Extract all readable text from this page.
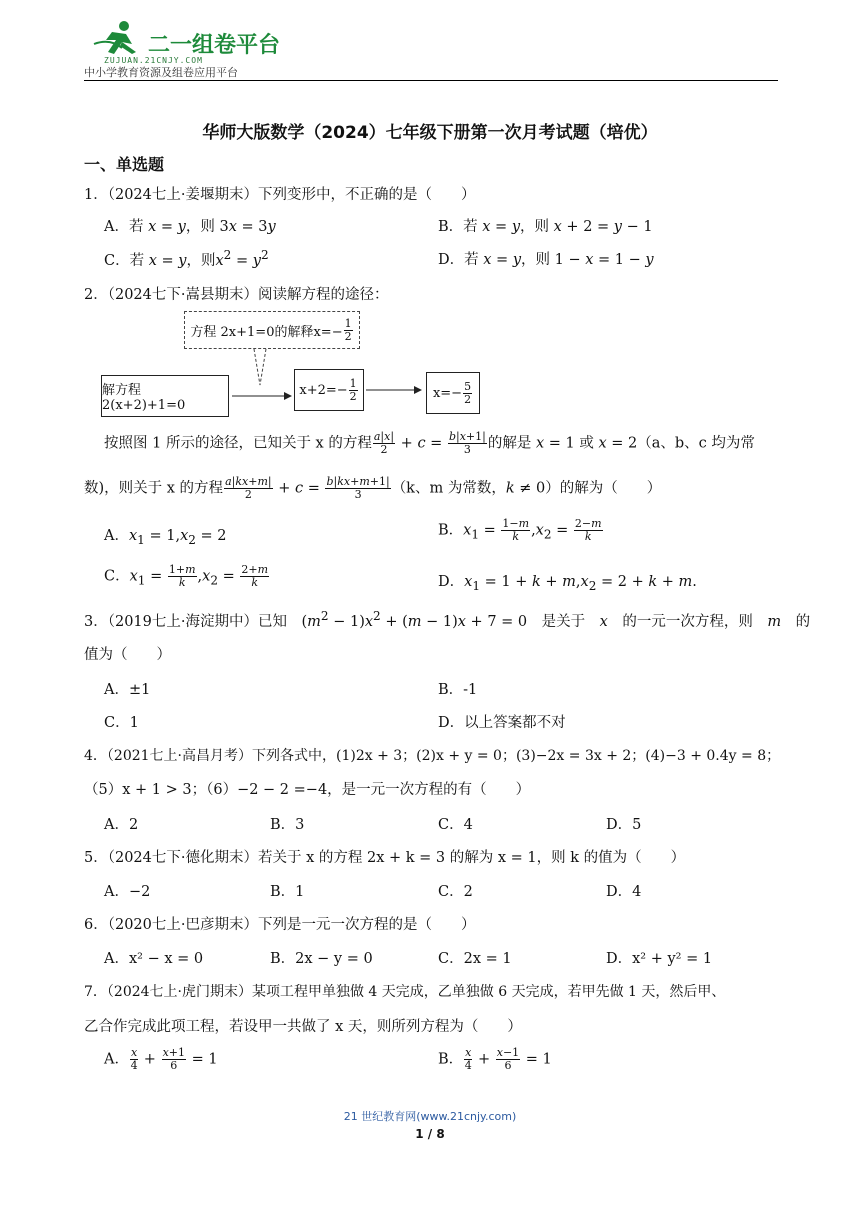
二一组卷平台
ZUJUAN.21CNJY.COM
中小学教育资源及组卷应用平台
华师大版数学（2024）七年级下册第一次月考试题（培优）
一、单选题
1．（2024七上·姜堰期末）下列变形中，不正确的是（　　）
A．若 x = y，则 3x = 3y	B．若 x = y，则 x + 2 = y − 1
C．若 x = y，则$x^2 = y^2$	D．若 x = y，则 1 − x = 1 − y
2．（2024七下·嵩县期末）阅读解方程的途径：
方程 2x+1=0的解释$x=- \frac{1}{2}$
解方程 2(x+2)+1=0
$x+2=- \frac{1}{2}$	$x=- \frac{5}{2}$
按照图 1 所示的途径，已知关于 x 的方程 $\frac{a|x|}{2} + c = \frac{b|x+1|}{3}$ 的解是 x = 1 或 x = 2（a、b、c 均为常
数)，则关于 x 的方程 $\frac{a|kx+m|}{2} + c = \frac{b|kx+m+1|}{3} (k$、m 为常数，k ≠ 0）的解为（　　）
A．$x_1 = 1,x_2 = 2$	B．$x_1 = \frac{1-m}{k} ,x_2 = \frac{2-m}{k}$
C．$x_1 = \frac{1+m}{k} ,x_2 = \frac{2+m}{k}$	D．$x_1 = 1 + k + m,x_2 = 2 + k + m$.
3．（2019七上·海淀期中）已知　$(m^2 - 1)x^2 + (m - 1)x + 7 = 0$　是关于　 x　 的一元一次方程，则　 m　 的
值为（　　）
A．±1	B．-1
C．1	D．以上答案都不对
4．（2021七上·高昌月考）下列各式中，(1)2x + 3；(2)x + y = 0；(3)−2x = 3x + 2；(4)−3 + 0.4y = 8；
（5）x + 1 > 3；（6）−2 − 2 =−4，是一元一次方程的有（　　）
A．2	B．3	C．4	D．5
5．（2024七下·德化期末）若关于 x 的方程 2x + k = 3 的解为 x = 1，则 k 的值为（　　）
A．−2	B．1	C．2	D．4
6．（2020七上·巴彦期末）下列是一元一次方程的是（　　）
A．x² − x = 0	B．2x − y = 0	C．2x = 1	D．x² + y² = 1
7．（2024七上·虎门期末）某项工程甲单独做 4 天完成，乙单独做 6 天完成，若甲先做 1 天，然后甲、
乙合作完成此项工程，若设甲一共做了 x 天，则所列方程为（　　）
A． $\frac{x}{4} + \frac{x+1}{6} = 1$	B． $\frac{x}{4} + \frac{x-1}{6} = 1$
21 世纪教育网(www.21cnjy.com)
1 / 8
